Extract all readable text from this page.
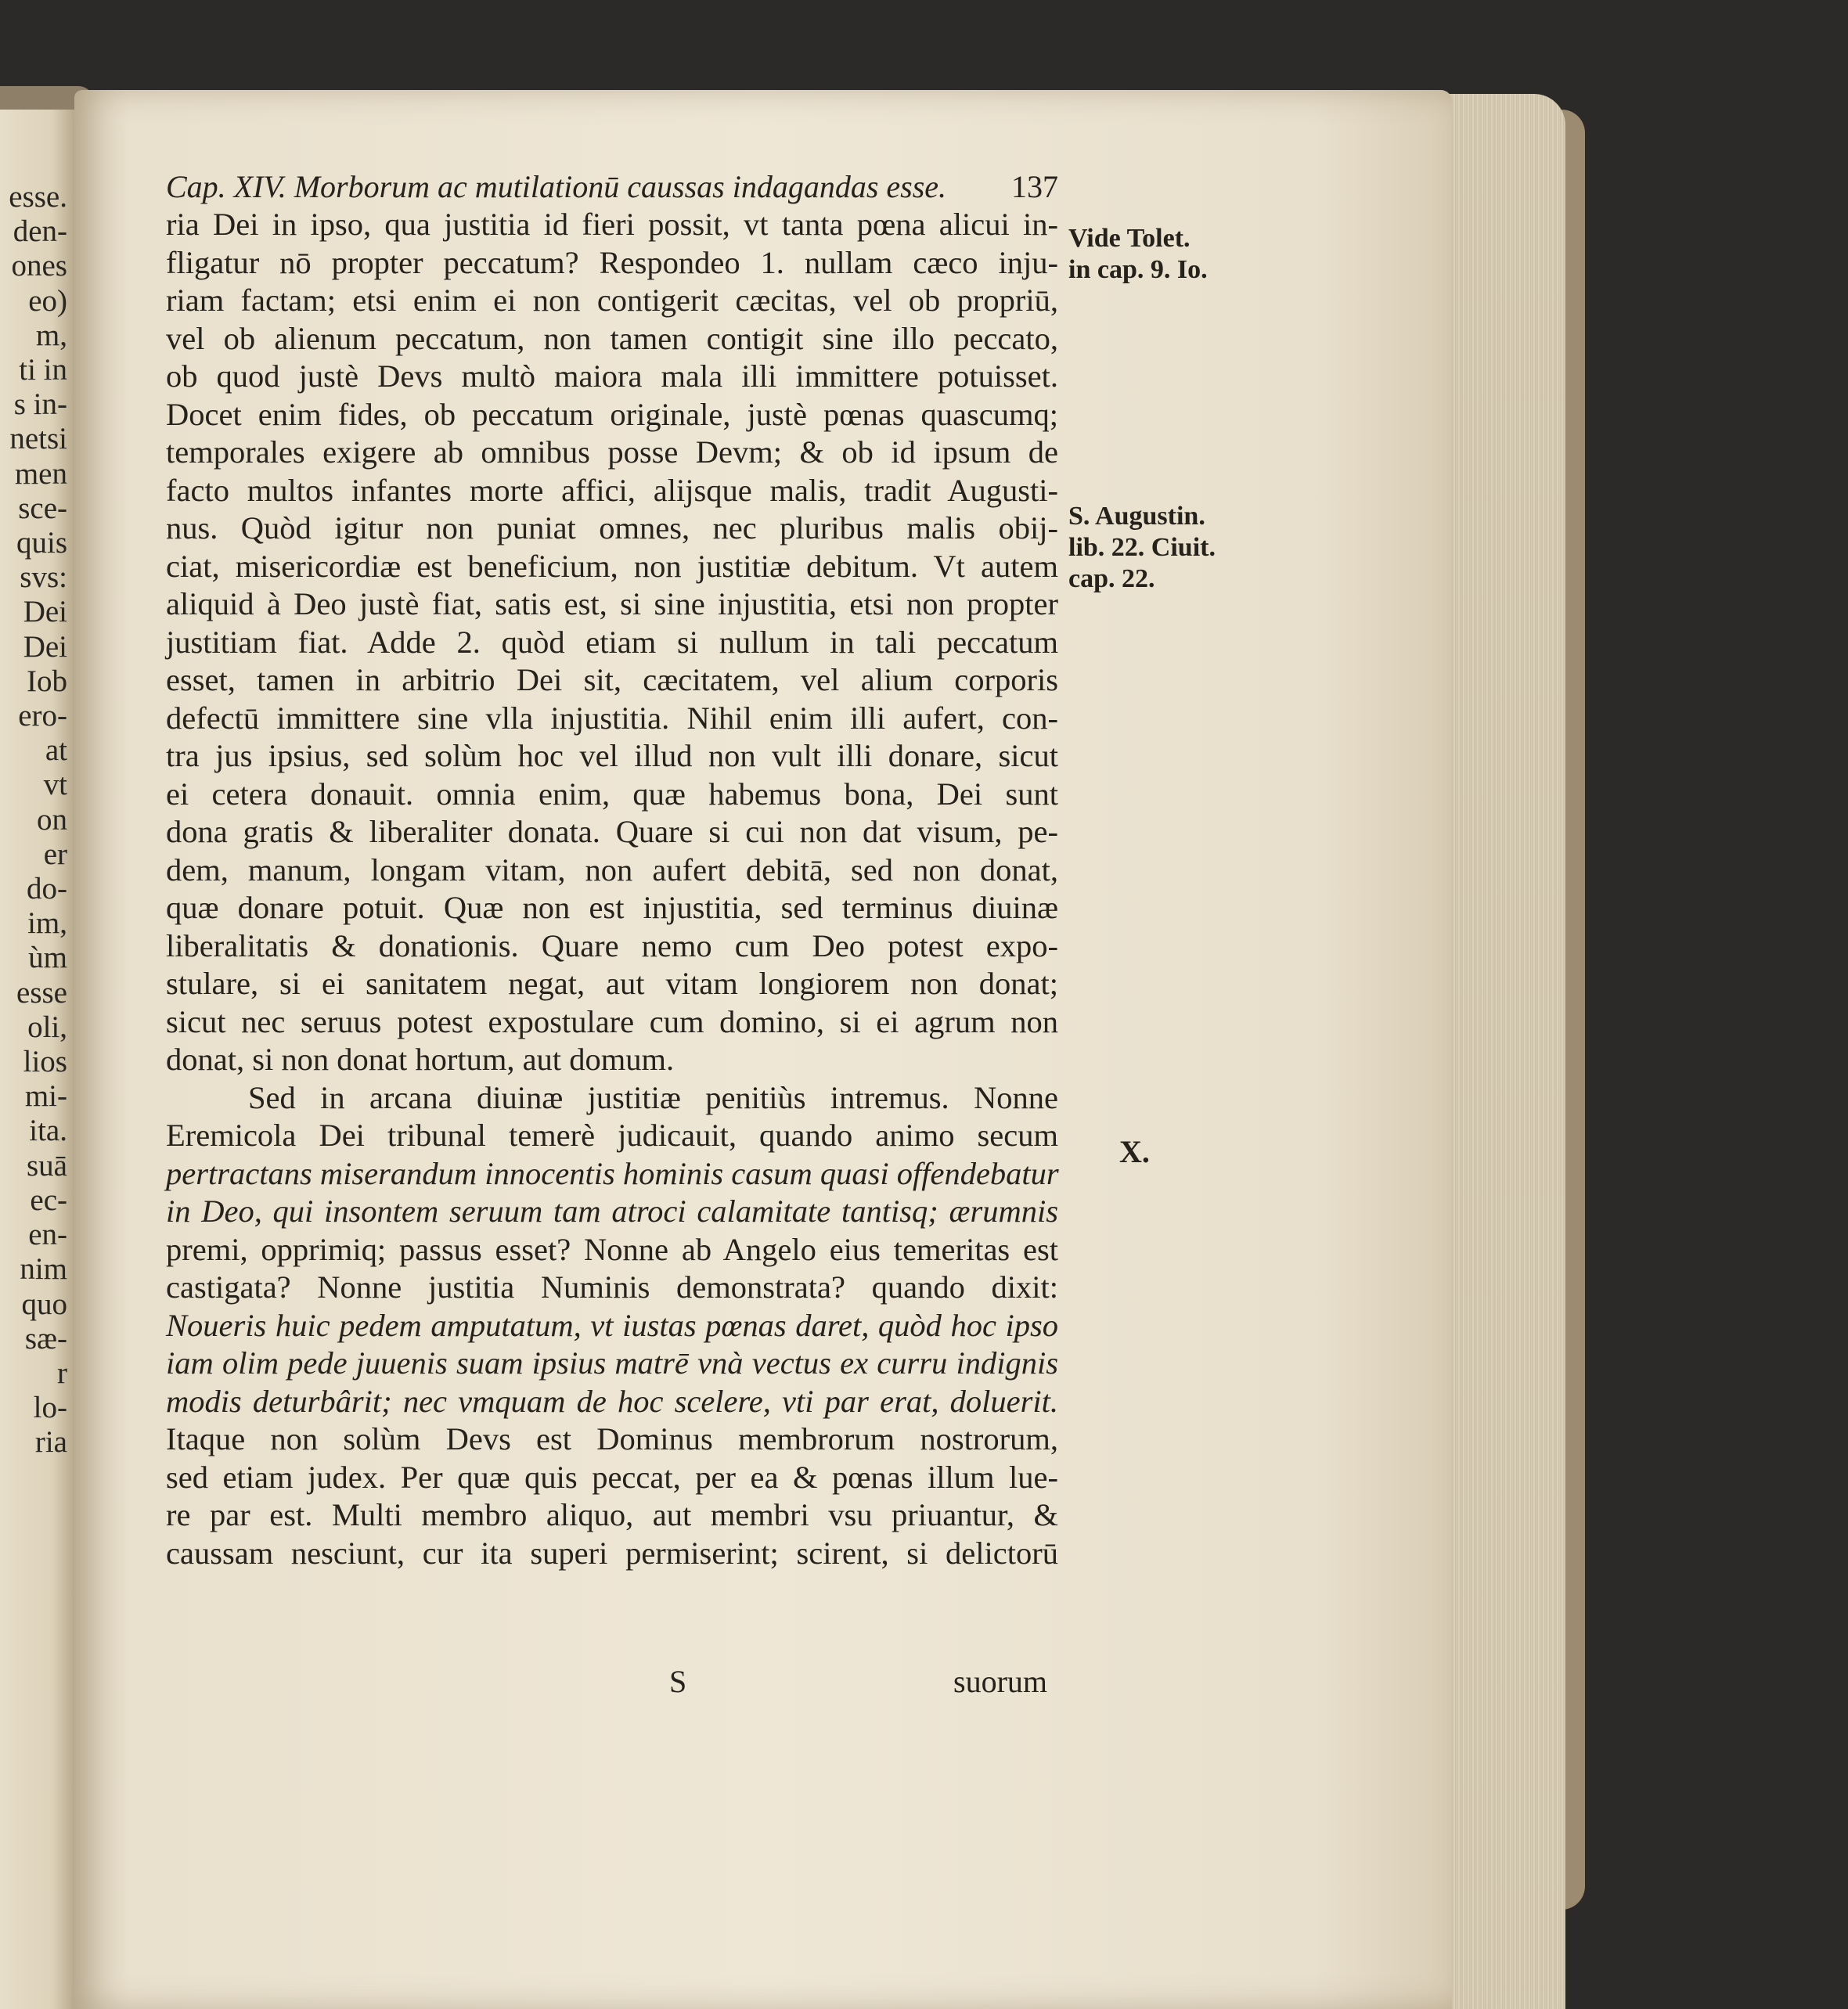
esse.
den-
ones
eo)
m,
ti in
s in-
netsi
men
sce-
quis
svs:
Dei
Dei
Iob
ero-
at
vt
on
er
do-
im,
ùm
esse
oli,
lios
mi-
ita.
suā
ec-
en-
nim
quo
sæ-
r
lo-
ria
Cap. XIV. Morborum ac mutilationū caussas indagandas esse. 137
ria Dei in ipso, qua justitia id fieri possit, vt tanta pœna alicui in-
fligatur nō propter peccatum? Respondeo 1. nullam cæco inju-
riam factam; etsi enim ei non contigerit cæcitas, vel ob propriū,
vel ob alienum peccatum, non tamen contigit sine illo peccato,
ob quod justè Devs multò maiora mala illi immittere potuisset.
Docet enim fides, ob peccatum originale, justè pœnas quascumq;
temporales exigere ab omnibus posse Devm; & ob id ipsum de
facto multos infantes morte affici, alijsque malis, tradit Augusti-
nus. Quòd igitur non puniat omnes, nec pluribus malis obij-
ciat, misericordiæ est beneficium, non justitiæ debitum. Vt autem
aliquid à Deo justè fiat, satis est, si sine injustitia, etsi non propter
justitiam fiat. Adde 2. quòd etiam si nullum in tali peccatum
esset, tamen in arbitrio Dei sit, cæcitatem, vel alium corporis
defectū immittere sine vlla injustitia. Nihil enim illi aufert, con-
tra jus ipsius, sed solùm hoc vel illud non vult illi donare, sicut
ei cetera donauit. omnia enim, quæ habemus bona, Dei sunt
dona gratis & liberaliter donata. Quare si cui non dat visum, pe-
dem, manum, longam vitam, non aufert debitā, sed non donat,
quæ donare potuit. Quæ non est injustitia, sed terminus diuinæ
liberalitatis & donationis. Quare nemo cum Deo potest expo-
stulare, si ei sanitatem negat, aut vitam longiorem non donat;
sicut nec seruus potest expostulare cum domino, si ei agrum non
donat, si non donat hortum, aut domum.
Sed in arcana diuinæ justitiæ penitiùs intremus. Nonne
Eremicola Dei tribunal temerè judicauit, quando animo secum
pertractans miserandum innocentis hominis casum quasi offendebatur
in Deo, qui insontem seruum tam atroci calamitate tantisq; ærumnis
premi, opprimiq; passus esset? Nonne ab Angelo eius temeritas est
castigata? Nonne justitia Numinis demonstrata? quando dixit:
Noueris huic pedem amputatum, vt iustas pœnas daret, quòd hoc ipso
iam olim pede juuenis suam ipsius matrē vnà vectus ex curru indignis
modis deturbârit; nec vmquam de hoc scelere, vti par erat, doluerit.
Itaque non solùm Devs est Dominus membrorum nostrorum,
sed etiam judex. Per quæ quis peccat, per ea & pœnas illum lue-
re par est. Multi membro aliquo, aut membri vsu priuantur, &
caussam nesciunt, cur ita superi permiserint; scirent, si delictorū
S	suorum
Vide Tolet.
in cap. 9. Io.
S. Augustin.
lib. 22. Ciuit.
cap. 22.
X.
